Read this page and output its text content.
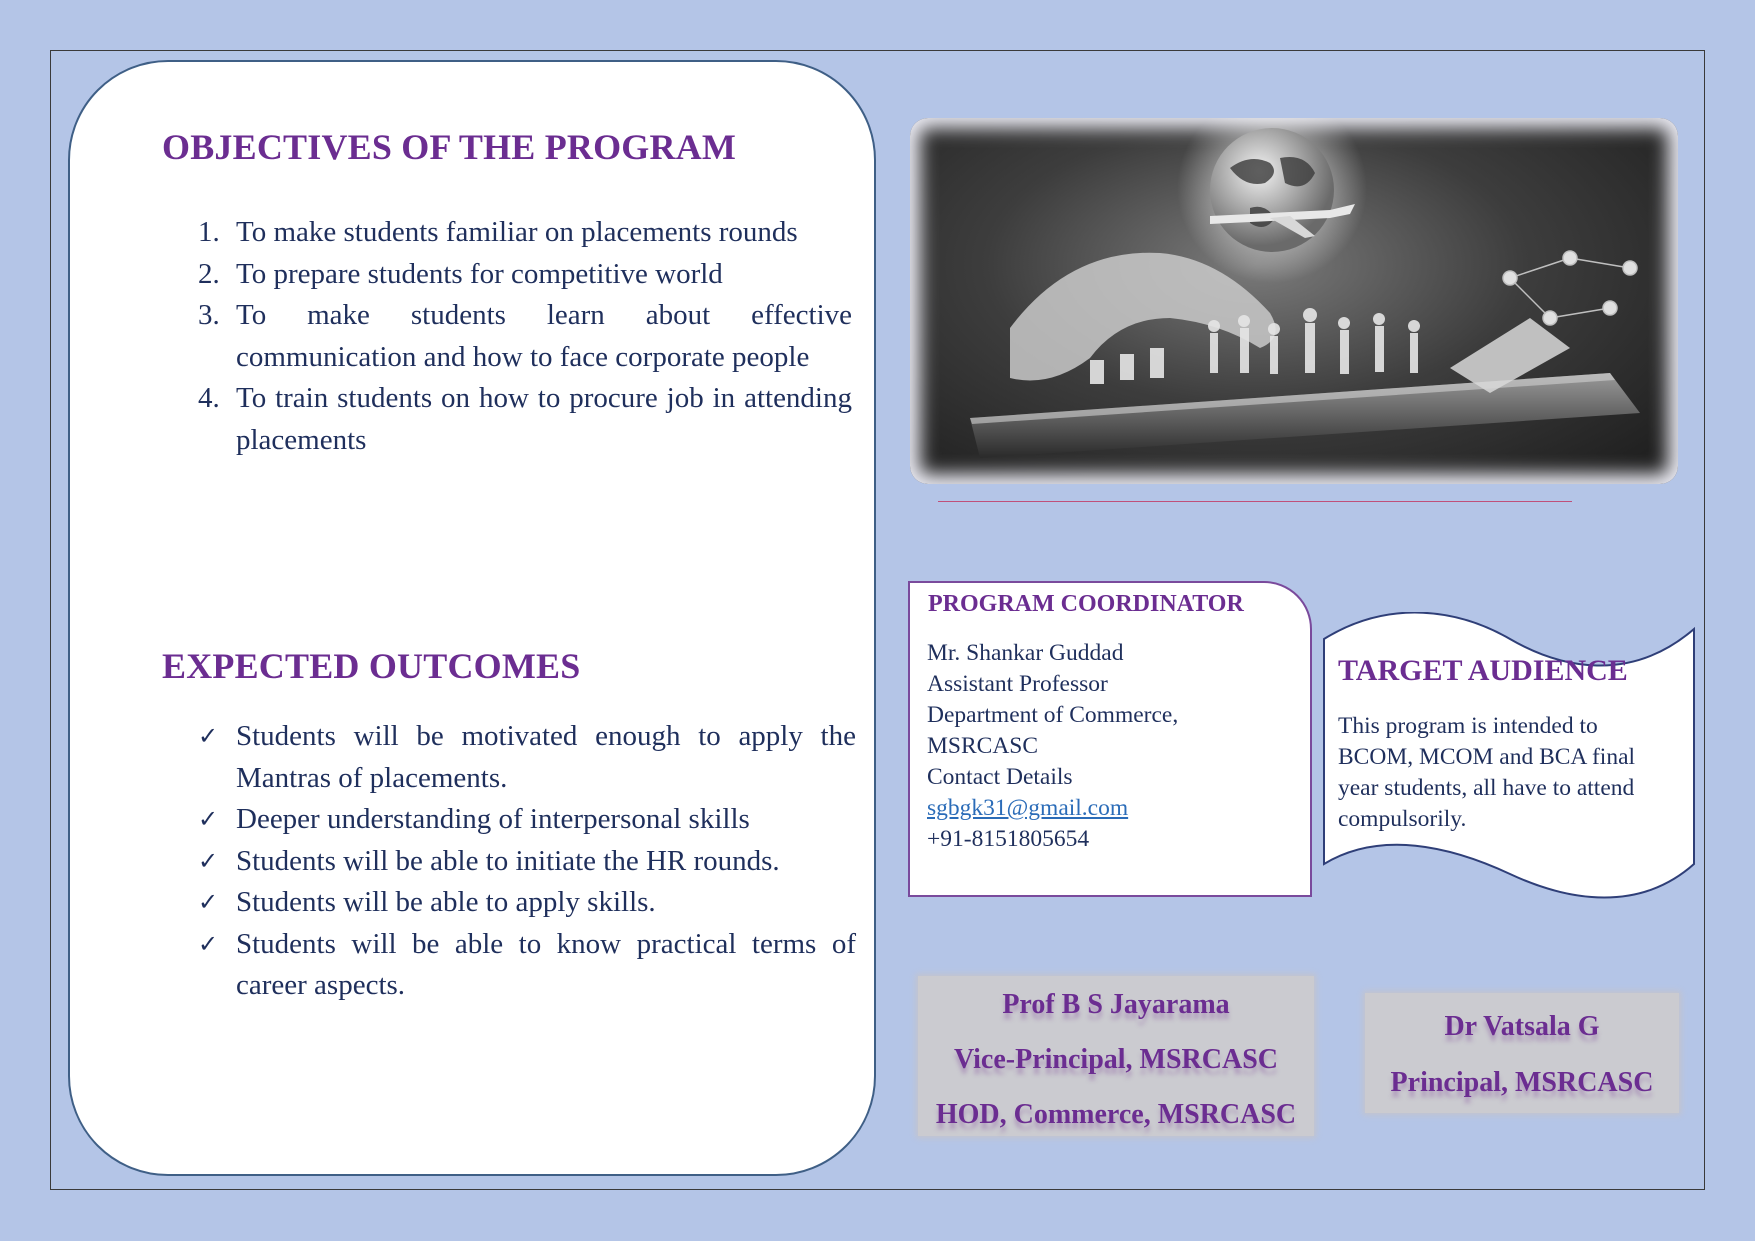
OBJECTIVES OF THE PROGRAM
1. To make students familiar on placements rounds
2. To prepare students for competitive world
3. To make students learn about effective communication and how to face corporate people
4. To train students on how to procure job in attending placements
EXPECTED OUTCOMES
✓ Students will be motivated enough to apply the Mantras of placements.
✓ Deeper understanding of interpersonal skills
✓ Students will be able to initiate the HR rounds.
✓ Students will be able to apply skills.
✓ Students will be able to know practical terms of career aspects.
PROGRAM COORDINATOR
Mr. Shankar Guddad
Assistant Professor
Department of Commerce,
MSRCASC
Contact Details
sgbgk31@gmail.com
+91-8151805654
TARGET AUDIENCE
This program is intended to BCOM, MCOM and BCA final year students, all have to attend compulsorily.
Prof B S Jayarama
Vice-Principal, MSRCASC
HOD, Commerce, MSRCASC
Dr Vatsala G
Principal, MSRCASC
